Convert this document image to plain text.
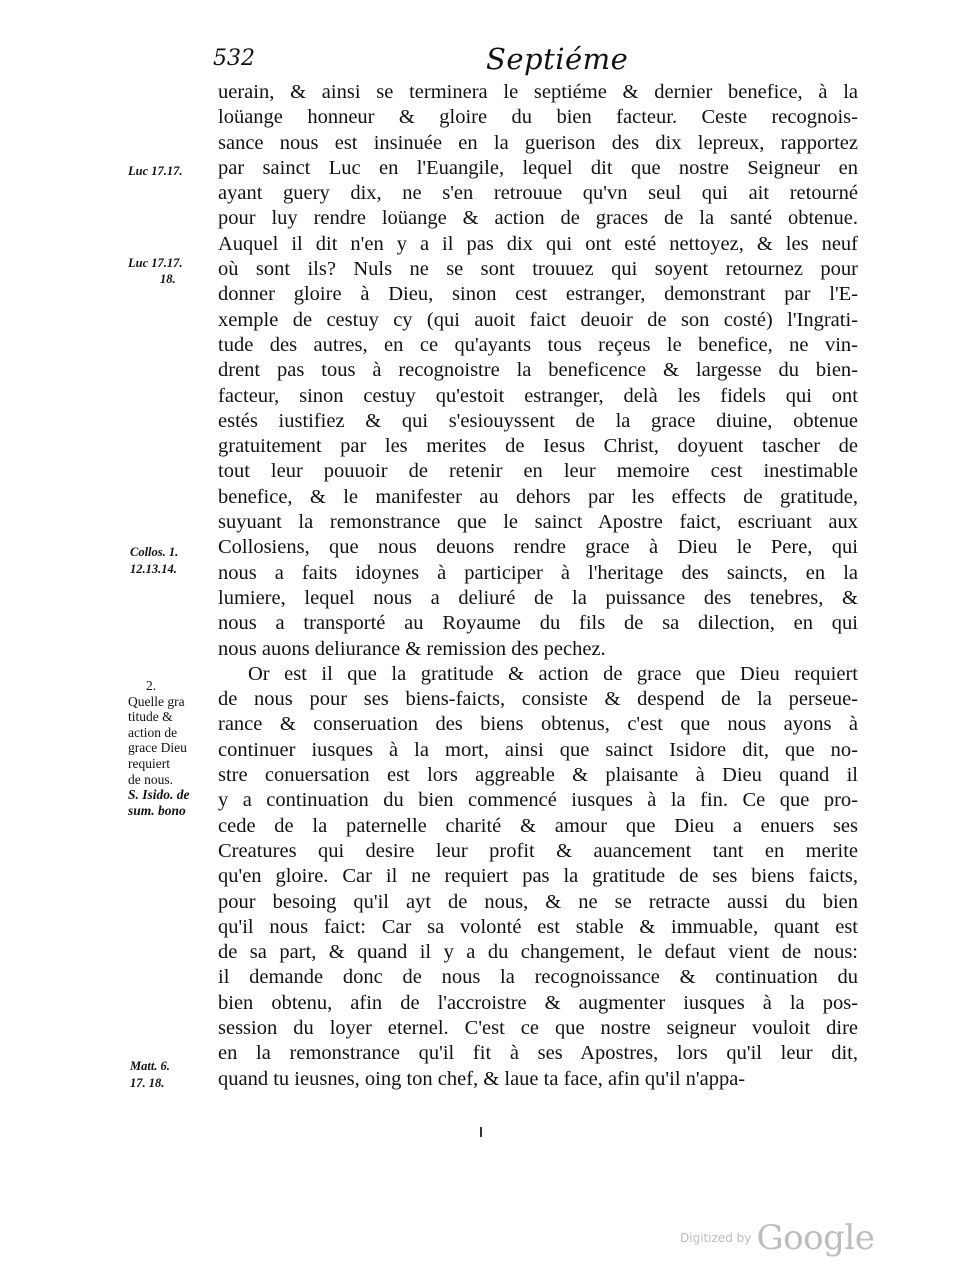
532	Septiéme
uerain, & ainsi se terminera le septiéme & dernier benefice, à la
loüange honneur & gloire du bien facteur. Ceste recognois-
sance nous est insinuée en la guerison des dix lepreux, rapportez
par sainct Luc en l'Euangile, lequel dit que nostre Seigneur en
ayant guery dix, ne s'en retrouue qu'vn seul qui ait retourné
pour luy rendre loüange & action de graces de la santé obtenue.
Auquel il dit n'en y a il pas dix qui ont esté nettoyez, & les neuf
où sont ils? Nuls ne se sont trouuez qui soyent retournez pour
donner gloire à Dieu, sinon cest estranger, demonstrant par l'E-
xemple de cestuy cy (qui auoit faict deuoir de son costé) l'Ingrati-
tude des autres, en ce qu'ayants tous reçeus le benefice, ne vin-
drent pas tous à recognoistre la beneficence & largesse du bien-
facteur, sinon cestuy qu'estoit estranger, delà les fidels qui ont
estés iustifiez & qui s'esiouyssent de la grace diuine, obtenue
gratuitement par les merites de Iesus Christ, doyuent tascher de
tout leur pouuoir de retenir en leur memoire cest inestimable
benefice, & le manifester au dehors par les effects de gratitude,
suyuant la remonstrance que le sainct Apostre faict, escriuant aux
Collosiens, que nous deuons rendre grace à Dieu le Pere, qui
nous a faits idoynes à participer à l'heritage des saincts, en la
lumiere, lequel nous a deliuré de la puissance des tenebres, &
nous a transporté au Royaume du fils de sa dilection, en qui
nous auons deliurance & remission des pechez.
Or est il que la gratitude & action de grace que Dieu requiert
de nous pour ses biens-faicts, consiste & despend de la perseue-
rance & conseruation des biens obtenus, c'est que nous ayons à
continuer iusques à la mort, ainsi que sainct Isidore dit, que no-
stre conuersation est lors aggreable & plaisante à Dieu quand il
y a continuation du bien commencé iusques à la fin. Ce que pro-
cede de la paternelle charité & amour que Dieu a enuers ses
Creatures qui desire leur profit & auancement tant en merite
qu'en gloire. Car il ne requiert pas la gratitude de ses biens faicts,
pour besoing qu'il ayt de nous, & ne se retracte aussi du bien
qu'il nous faict: Car sa volonté est stable & immuable, quant est
de sa part, & quand il y a du changement, le defaut vient de nous:
il demande donc de nous la recognoissance & continuation du
bien obtenu, afin de l'accroistre & augmenter iusques à la pos-
session du loyer eternel. C'est ce que nostre seigneur vouloit dire
en la remonstrance qu'il fit à ses Apostres, lors qu'il leur dit,
quand tu ieusnes, oing ton chef, & laue ta face, afin qu'il n'appa-
Luc 17.17.
Luc 17.17.
18.
Collos. 1.
12.13.14.
Matt. 6.
17. 18.
2.
Quelle gra
titude &
action de
grace Dieu
requiert
de nous.
S. Isido. de
sum. bono
Digitized by Google
